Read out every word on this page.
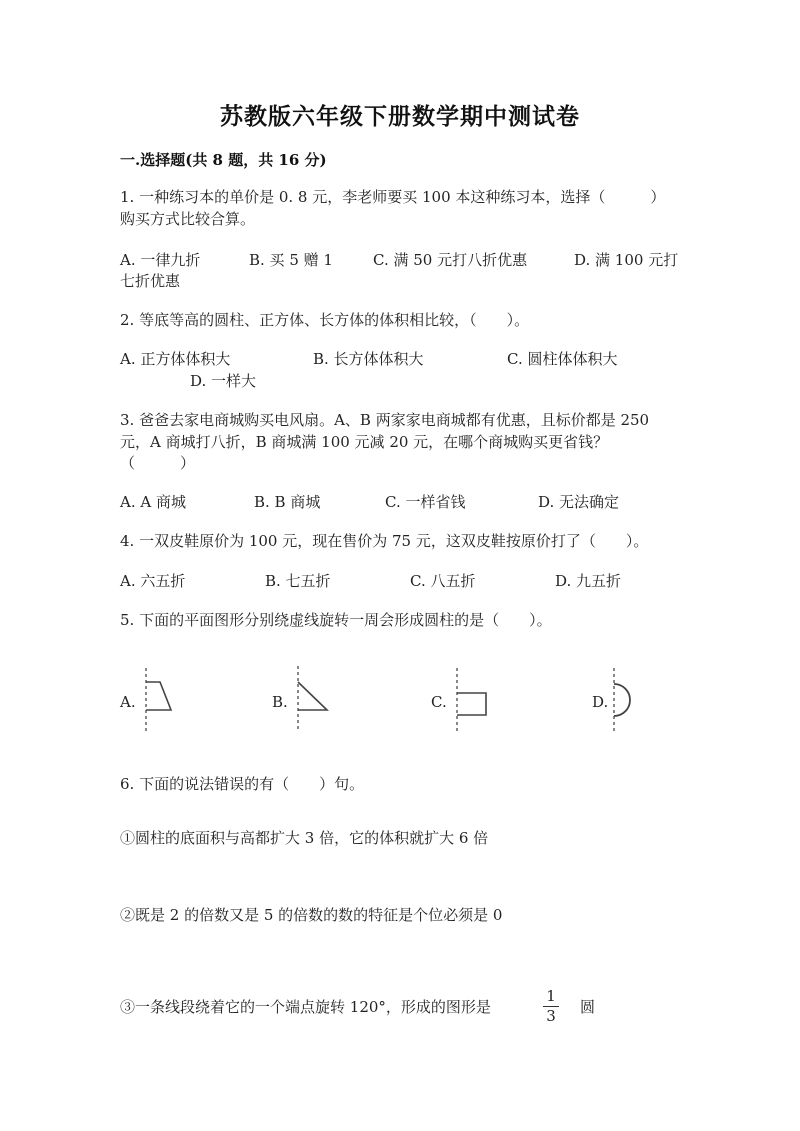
苏教版六年级下册数学期中测试卷
一.选择题(共 8 题，共 16 分)
1. 一种练习本的单价是 0. 8 元，李老师要买 100 本这种练习本，选择（　　　）
购买方式比较合算。
A. 一律九折	B. 买 5 赠 1	C. 满 50 元打八折优惠	D. 满 100 元打
七折优惠
2. 等底等高的圆柱、正方体、长方体的体积相比较，（　　）。
A. 正方体体积大	B. 长方体体积大	C. 圆柱体体积大
D. 一样大
3. 爸爸去家电商城购买电风扇。A、B 两家家电商城都有优惠，且标价都是 250
元，A 商城打八折，B 商城满 100 元减 20 元，在哪个商城购买更省钱？
（　　　）
A. A 商城	B. B 商城	C. 一样省钱	D. 无法确定
4. 一双皮鞋原价为 100 元，现在售价为 75 元，这双皮鞋按原价打了（　　）。
A. 六五折	B. 七五折	C. 八五折	D. 九五折
5. 下面的平面图形分别绕虚线旋转一周会形成圆柱的是（　　）。
A.	B.	C.	D.
6. 下面的说法错误的有（　　）句。
①圆柱的底面积与高都扩大 3 倍，它的体积就扩大 6 倍
②既是 2 的倍数又是 5 的倍数的数的特征是个位必须是 0
③一条线段绕着它的一个端点旋转 120°，形成的图形是
1
3	圆
